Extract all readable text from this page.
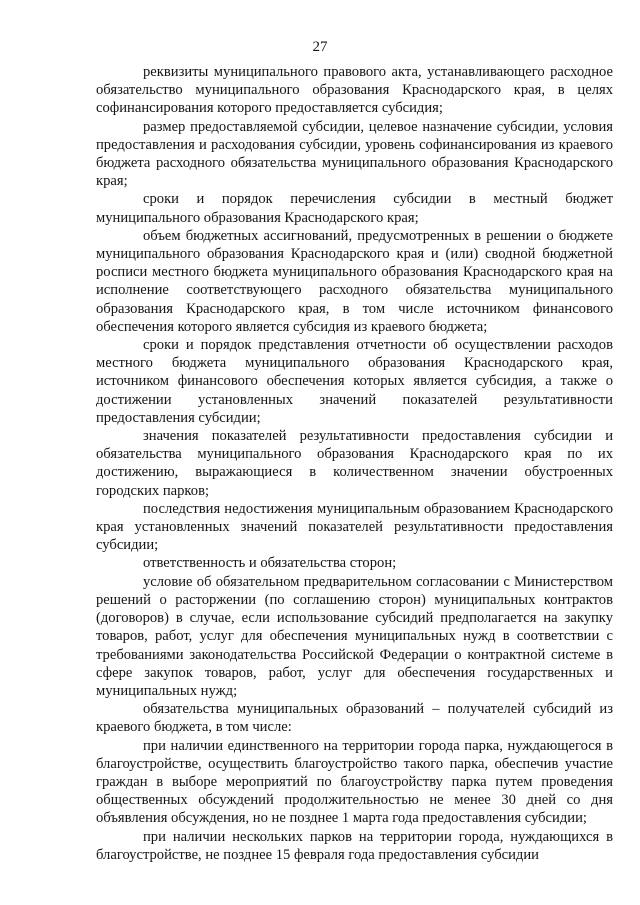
27

реквизиты муниципального правового акта, устанавливающего расходное обязательство муниципального образования Краснодарского края, в целях софинансирования которого предоставляется субсидия;

размер предоставляемой субсидии, целевое назначение субсидии, условия предоставления и расходования субсидии, уровень софинансирования из краевого бюджета расходного обязательства муниципального образования Краснодарского края;

сроки и порядок перечисления субсидии в местный бюджет муниципального образования Краснодарского края;

объем бюджетных ассигнований, предусмотренных в решении о бюджете муниципального образования Краснодарского края и (или) сводной бюджетной росписи местного бюджета муниципального образования Краснодарского края на исполнение соответствующего расходного обязательства муниципального образования Краснодарского края, в том числе источником финансового обеспечения которого является субсидия из краевого бюджета;

сроки и порядок представления отчетности об осуществлении расходов местного бюджета муниципального образования Краснодарского края, источником финансового обеспечения которых является субсидия, а также о достижении установленных значений показателей результативности предоставления субсидии;

значения показателей результативности предоставления субсидии и обязательства муниципального образования Краснодарского края по их достижению, выражающиеся в количественном значении обустроенных городских парков;

последствия недостижения муниципальным образованием Краснодарского края установленных значений показателей результативности предоставления субсидии;

ответственность и обязательства сторон;

условие об обязательном предварительном согласовании с Министерством решений о расторжении (по соглашению сторон) муниципальных контрактов (договоров) в случае, если использование субсидий предполагается на закупку товаров, работ, услуг для обеспечения муниципальных нужд в соответствии с требованиями законодательства Российской Федерации о контрактной системе в сфере закупок товаров, работ, услуг для обеспечения государственных и муниципальных нужд;

обязательства муниципальных образований – получателей субсидий из краевого бюджета, в том числе:

при наличии единственного на территории города парка, нуждающегося в благоустройстве, осуществить благоустройство такого парка, обеспечив участие граждан в выборе мероприятий по благоустройству парка путем проведения общественных обсуждений продолжительностью не менее 30 дней со дня объявления обсуждения, но не позднее 1 марта года предоставления субсидии;

при наличии нескольких парков на территории города, нуждающихся в благоустройстве, не позднее 15 февраля года предоставления субсидии
